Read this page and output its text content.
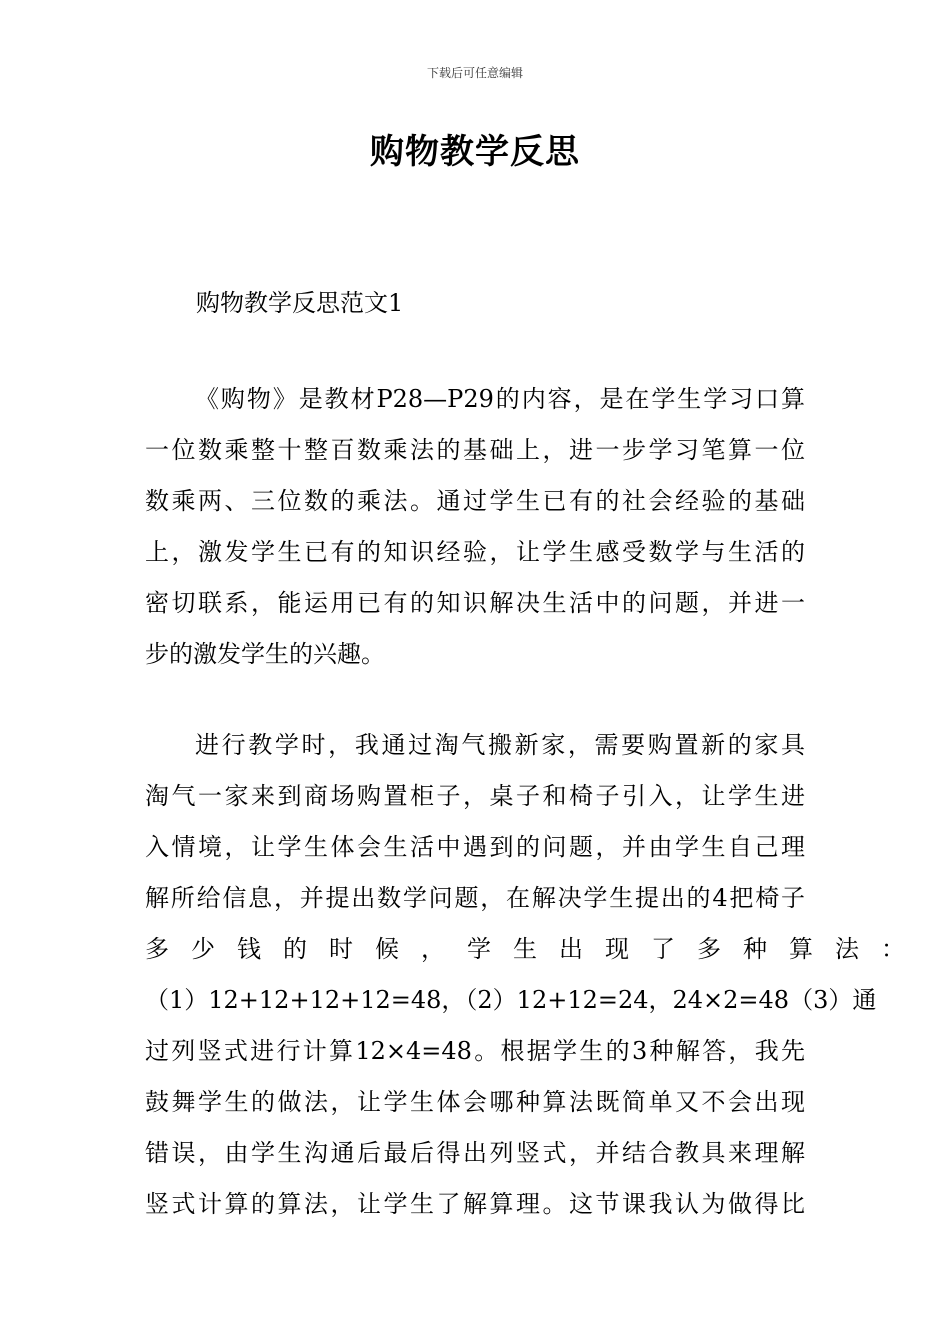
下载后可任意编辑
购物教学反思
购物教学反思范文1
《购物》是教材P28—P29的内容，是在学生学习口算
一位数乘整十整百数乘法的基础上，进一步学习笔算一位
数乘两、三位数的乘法。通过学生已有的社会经验的基础
上，激发学生已有的知识经验，让学生感受数学与生活的
密切联系，能运用已有的知识解决生活中的问题，并进一
步的激发学生的兴趣。
进行教学时，我通过淘气搬新家，需要购置新的家具
淘气一家来到商场购置柜子，桌子和椅子引入，让学生进
入情境，让学生体会生活中遇到的问题，并由学生自己理
解所给信息，并提出数学问题，在解决学生提出的4把椅子
多少钱的时候，学生出现了多种算法：
（1）12+12+12+12=48，（2）12+12=24，24×2=48（3）通
过列竖式进行计算12×4=48。根据学生的3种解答，我先
鼓舞学生的做法，让学生体会哪种算法既简单又不会出现
错误，由学生沟通后最后得出列竖式，并结合教具来理解
竖式计算的算法，让学生了解算理。这节课我认为做得比
